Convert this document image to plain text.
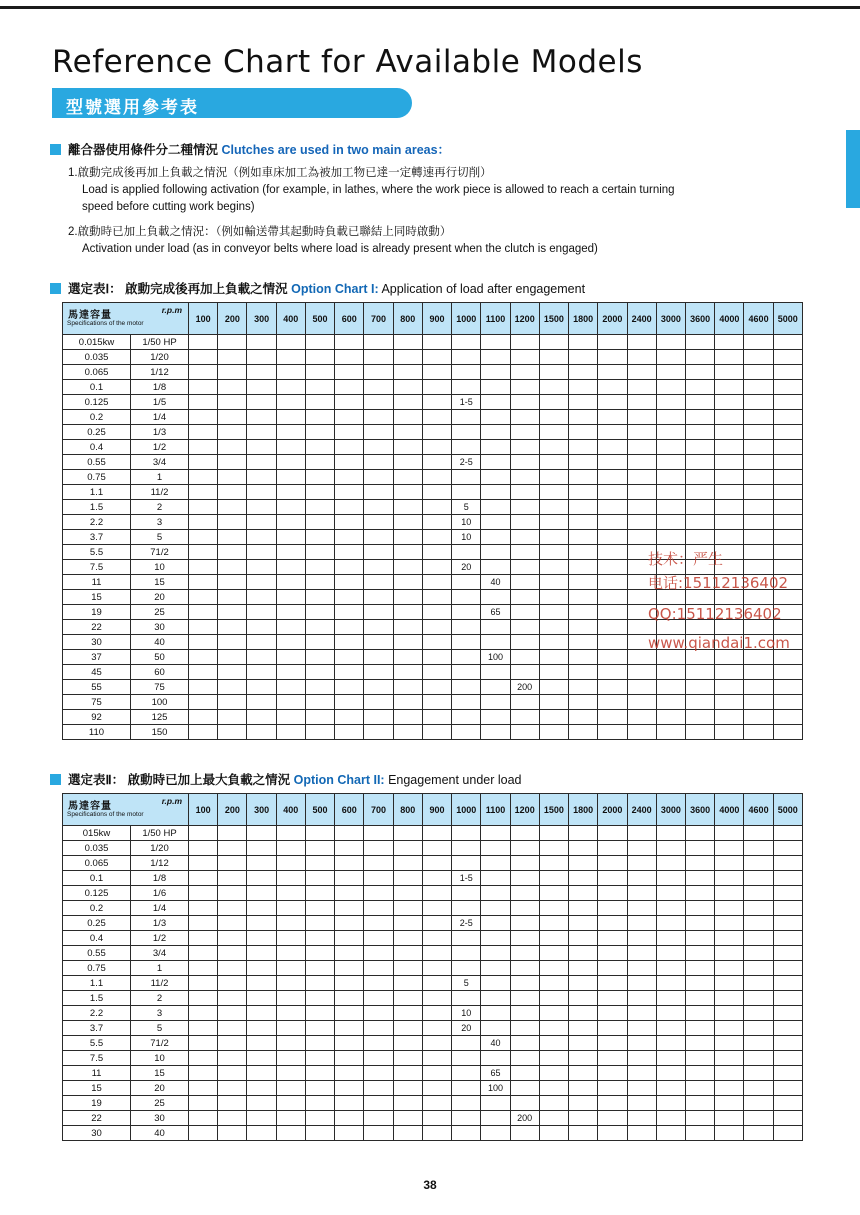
Reference Chart for Available Models
型號選用參考表
離合器使用條件分二種情況 Clutches are used in two main areas：
1.啟動完成後再加上負載之情況（例如車床加工為被加工物已達一定轉速再行切削）
Load is applied following activation (for example, in lathes, where the work piece is allowed to reach a certain turning
speed before cutting work begins)
2.啟動時已加上負載之情況：（例如輸送帶其起動時負載已聯結上同時啟動）
Activation under load (as in conveyor belts where load is already present when the clutch is engaged)
選定表Ⅰ： 啟動完成後再加上負載之情況 Option Chart I: Application of load after engagement
馬達容量
Specifications of the motor
r.p.m		100	200	300	400	500	600	700	800	900	1000	1100	1200	1500	1800	2000	2400	3000	3600	4000	4600	5000
0.015kw	1/50 HP																					
0.035	1/20																					
0.065	1/12																					
0.1	1/8																					
0.125	1/5										1-5											
0.2	1/4																					
0.25	1/3																					
0.4	1/2																					
0.55	3/4										2-5											
0.75	1																					
1.1	11/2																					
1.5	2										5											
2.2	3										10											
3.7	5										10											
5.5	71/2																					
7.5	10										20											
11	15											40										
15	20																					
19	25											65										
22	30																					
30	40																					
37	50											100										
45	60																					
55	75												200									
75	100																					
92	125																					
110	150																					
選定表Ⅱ： 啟動時已加上最大負載之情況 Option Chart II: Engagement under load
馬達容量
Specifications of the motor
r.p.m		100	200	300	400	500	600	700	800	900	1000	1100	1200	1500	1800	2000	2400	3000	3600	4000	4600	5000
015kw	1/50 HP																					
0.035	1/20																					
0.065	1/12																					
0.1	1/8										1-5											
0.125	1/6																					
0.2	1/4																					
0.25	1/3										2-5											
0.4	1/2																					
0.55	3/4																					
0.75	1																					
1.1	11/2										5											
1.5	2																					
2.2	3										10											
3.7	5										20											
5.5	71/2											40										
7.5	10																					
11	15											65										
15	20											100										
19	25																					
22	30												200									
30	40																					
技术：严生
电话:15112136402
QQ:15112136402
www.qiandai1.com
38
